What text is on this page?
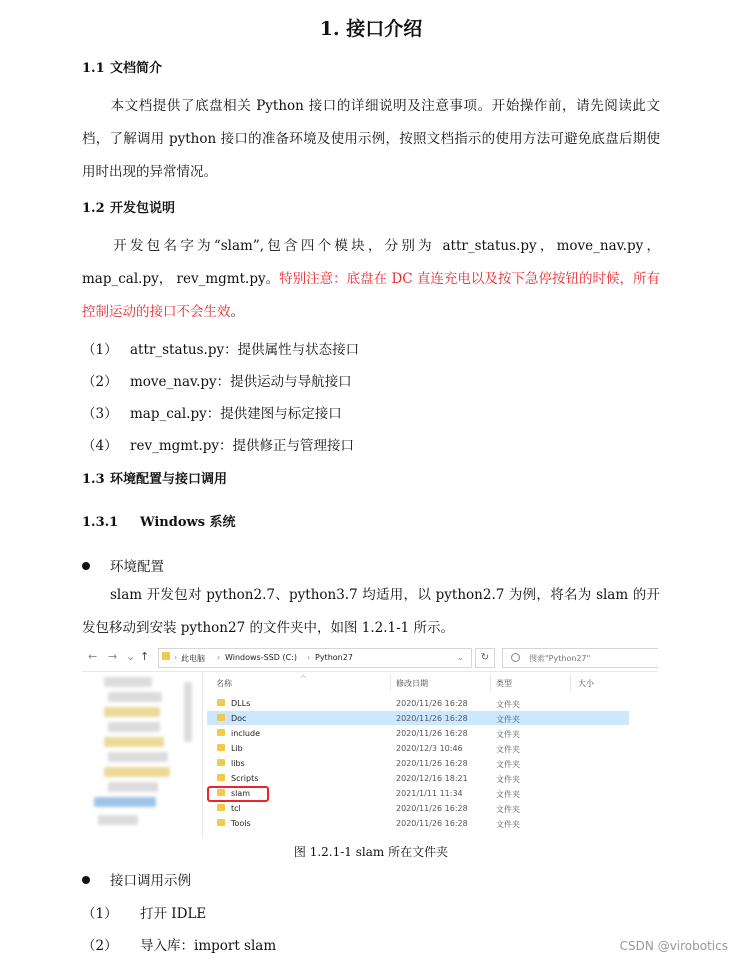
1. 接口介绍
1.1 文档简介
本文档提供了底盘相关 Python 接口的详细说明及注意事项。开始操作前，请先阅读此文档，了解调用 python 接口的准备环境及使用示例，按照文档指示的使用方法可避免底盘后期使用时出现的异常情况。
1.2 开发包说明
开发包名字为“slam”,包含四个模块，分别为 attr_status.py，move_nav.py， map_cal.py， rev_mgmt.py。特别注意：底盘在 DC 直连充电以及按下急停按钮的时候，所有控制运动的接口不会生效。
（1） attr_status.py：提供属性与状态接口
（2） move_nav.py：提供运动与导航接口
（3） map_cal.py：提供建图与标定接口
（4） rev_mgmt.py：提供修正与管理接口
1.3 环境配置与接口调用
1.3.1 Windows 系统
环境配置
slam 开发包对 python2.7、python3.7 均适用，以 python2.7 为例，将名为 slam 的开发包移动到安装 python27 的文件夹中，如图 1.2.1-1 所示。
← → ⌄ ↑	› 此电脑 › Windows-SSD (C:) › Python27	⌄	↻	搜索"Python27"
名称
^
修改日期	类型	大小
DLLs	2020/11/26 16:28	文件夹
Doc	2020/11/26 16:28	文件夹
include	2020/11/26 16:28	文件夹
Lib	2020/12/3 10:46	文件夹
libs	2020/11/26 16:28	文件夹
Scripts	2020/12/16 18:21	文件夹
slam	2021/1/11 11:34	文件夹
tcl	2020/11/26 16:28	文件夹
Tools	2020/11/26 16:28	文件夹
图 1.2.1-1 slam 所在文件夹
接口调用示例
（1） 打开 IDLE
（2） 导入库：import slam	CSDN @virobotics
